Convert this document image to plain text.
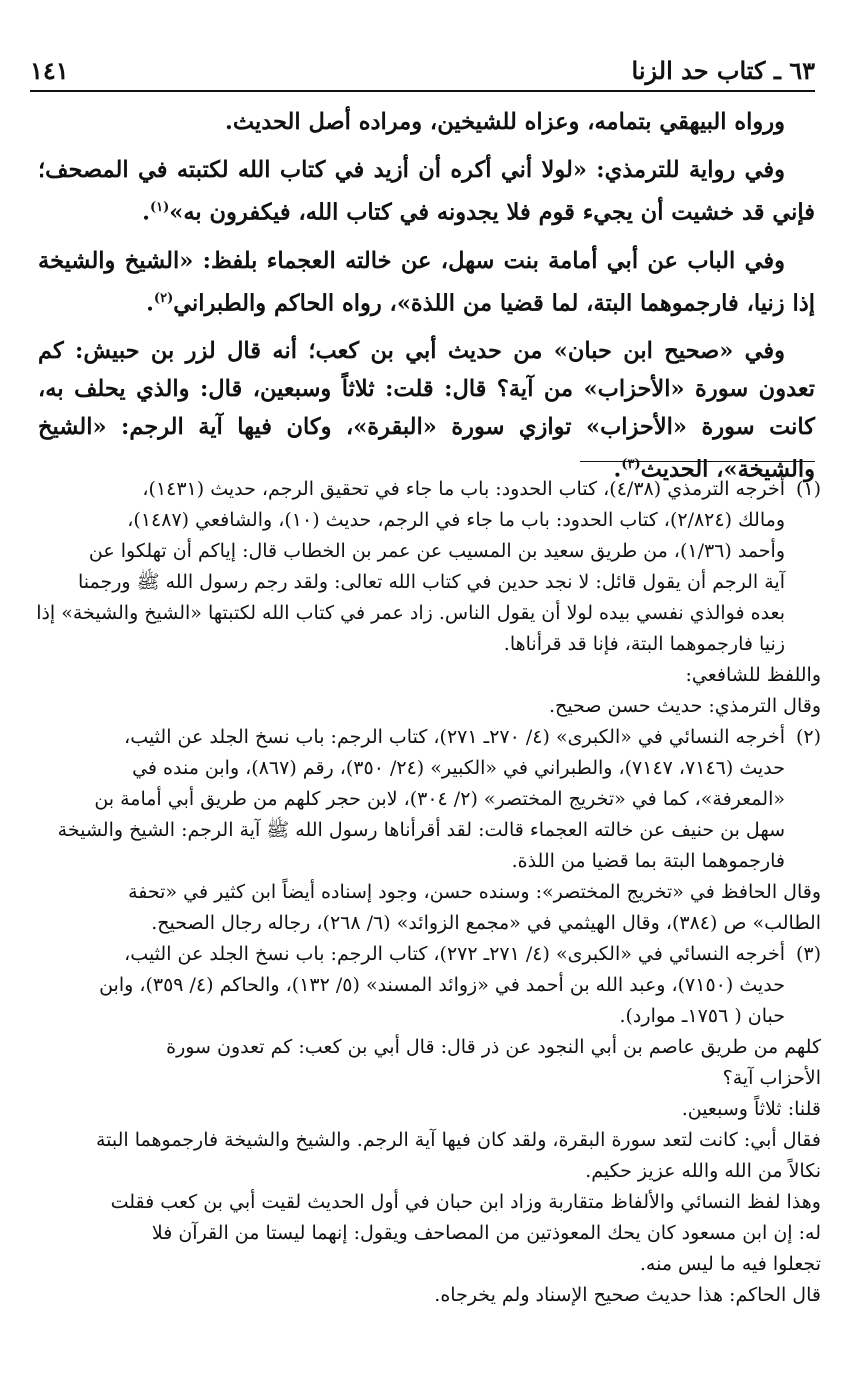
٦٣ ـ كتاب حد الزنا
١٤١

ورواه البيهقي بتمامه، وعزاه للشيخين، ومراده أصل الحديث.

وفي رواية للترمذي: «لولا أني أكره أن أزيد في كتاب الله لكتبته في المصحف؛ فإني قد خشيت أن يجيء قوم فلا يجدونه في كتاب الله، فيكفرون به»$^{(١)}$.

وفي الباب عن أبي أمامة بنت سهل، عن خالته العجماء بلفظ: «الشيخ والشيخة إذا زنيا، فارجموهما البتة، لما قضيا من اللذة»، رواه الحاكم والطبراني$^{(٢)}$.

وفي «صحيح ابن حبان» من حديث أبي بن كعب؛ أنه قال لزر بن حبيش: كم تعدون سورة «الأحزاب» من آية؟ قال: قلت: ثلاثاً وسبعين، قال: والذي يحلف به، كانت سورة «الأحزاب» توازي سورة «البقرة»، وكان فيها آية الرجم: «الشيخ والشيخة»، الحديث$^{(٣)}$.

(١)
أخرجه الترمذي (٤/٣٨)، كتاب الحدود: باب ما جاء في تحقيق الرجم، حديث (١٤٣١)،
ومالك (٢/٨٢٤)، كتاب الحدود: باب ما جاء في الرجم، حديث (١٠)، والشافعي (١٤٨٧)،
وأحمد (١/٣٦)، من طريق سعيد بن المسيب عن عمر بن الخطاب قال: إياكم أن تهلكوا عن
آية الرجم أن يقول قائل: لا نجد حدين في كتاب الله تعالى: ولقد رجم رسول الله ﷺ ورجمنا
بعده فوالذي نفسي بيده لولا أن يقول الناس. زاد عمر في كتاب الله لكتبتها «الشيخ والشيخة» إذا
زنيا فارجموهما البتة، فإنا قد قرأناها.
واللفظ للشافعي:
وقال الترمذي: حديث حسن صحيح.
(٢)
أخرجه النسائي في «الكبرى» (٤/ ٢٧٠ـ ٢٧١)، كتاب الرجم: باب نسخ الجلد عن الثيب،
حديث (٧١٤٦، ٧١٤٧)، والطبراني في «الكبير» (٢٤/ ٣٥٠)، رقم (٨٦٧)، وابن منده في
«المعرفة»، كما في «تخريج المختصر» (٢/ ٣٠٤)، لابن حجر كلهم من طريق أبي أمامة بن
سهل بن حنيف عن خالته العجماء قالت: لقد أقرأناها رسول الله ﷺ آية الرجم: الشيخ والشيخة
فارجموهما البتة بما قضيا من اللذة.
وقال الحافظ في «تخريج المختصر»: وسنده حسن، وجود إسناده أيضاً ابن كثير في «تحفة
الطالب» ص (٣٨٤)، وقال الهيثمي في «مجمع الزوائد» (٦/ ٢٦٨)، رجاله رجال الصحيح.
(٣)
أخرجه النسائي في «الكبرى» (٤/ ٢٧١ـ ٢٧٢)، كتاب الرجم: باب نسخ الجلد عن الثيب،
حديث (٧١٥٠)، وعبد الله بن أحمد في «زوائد المسند» (٥/ ١٣٢)، والحاكم (٤/ ٣٥٩)، وابن
حبان ( ١٧٥٦ـ موارد).
كلهم من طريق عاصم بن أبي النجود عن ذر قال: قال أبي بن كعب: كم تعدون سورة
الأحزاب آية؟
قلنا: ثلاثاً وسبعين.
فقال أبي: كانت لتعد سورة البقرة، ولقد كان فيها آية الرجم. والشيخ والشيخة فارجموهما البتة
نكالاً من الله والله عزيز حكيم.
وهذا لفظ النسائي والألفاظ متقاربة وزاد ابن حبان في أول الحديث لقيت أبي بن كعب فقلت
له: إن ابن مسعود كان يحك المعوذتين من المصاحف ويقول: إنهما ليستا من القرآن فلا
تجعلوا فيه ما ليس منه.
قال الحاكم: هذا حديث صحيح الإسناد ولم يخرجاه.
